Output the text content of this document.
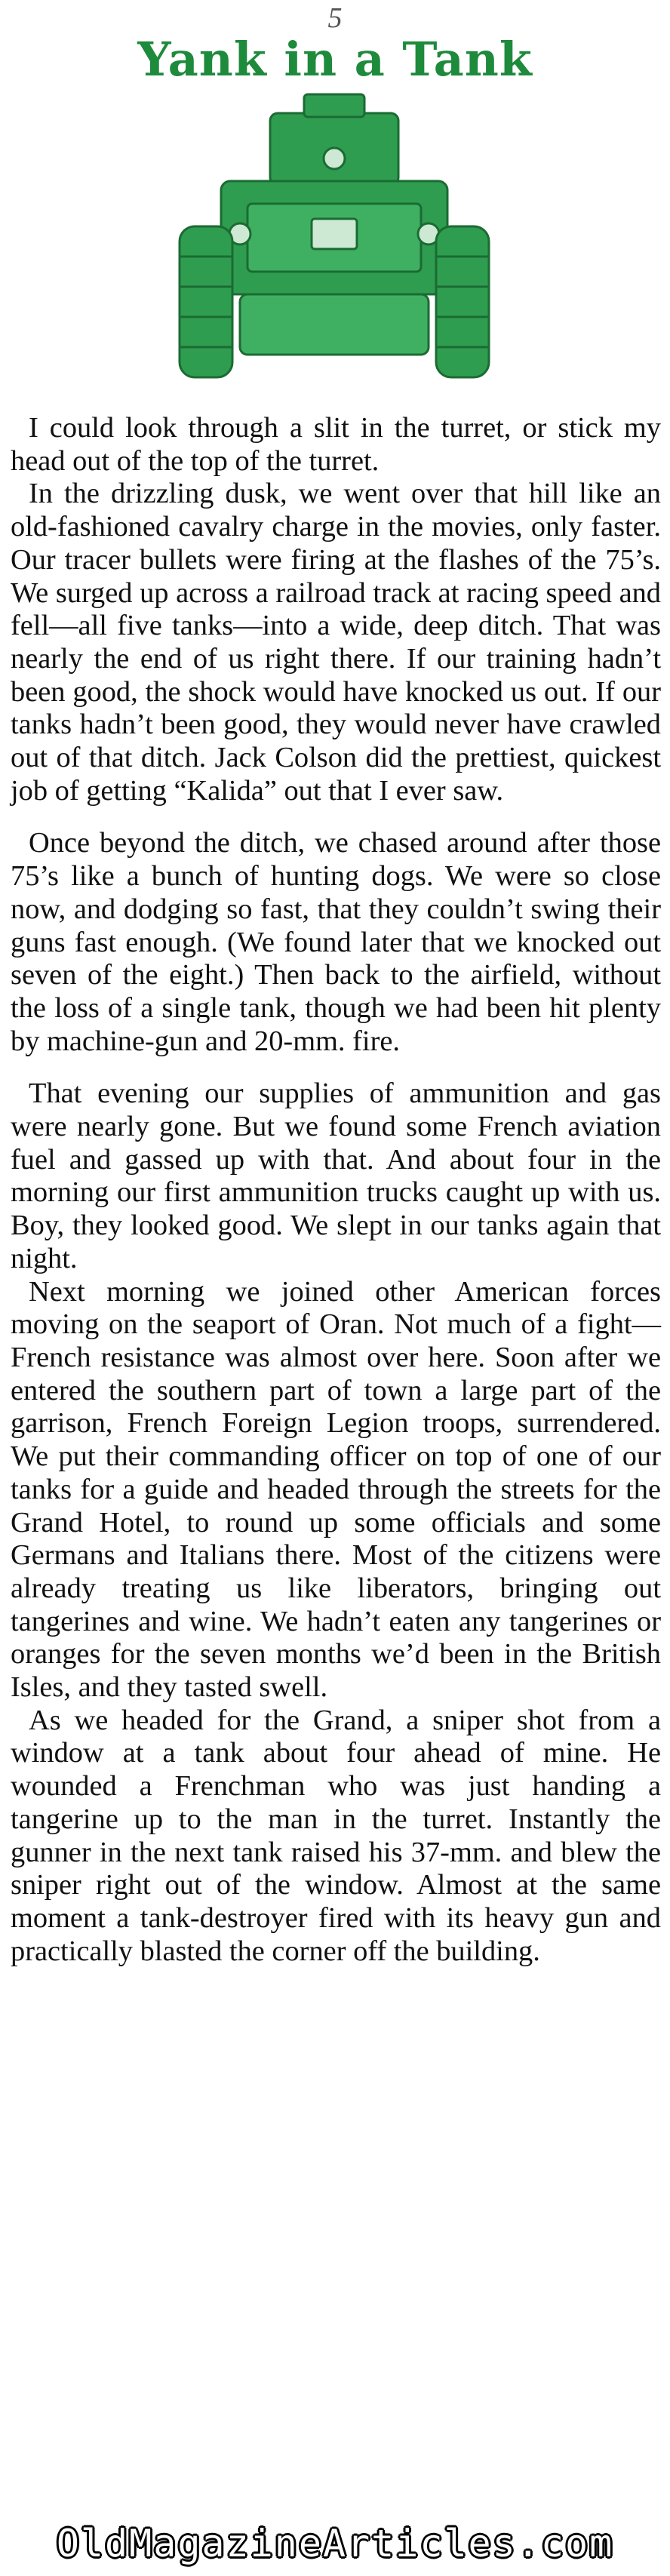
5
Yank in a Tank

I could look through a slit in the turret, or stick my head out of the top of the turret.

In the drizzling dusk, we went over that hill like an old-fashioned cavalry charge in the movies, only faster. Our tracer bullets were firing at the flashes of the 75’s. We surged up across a railroad track at racing speed and fell—all five tanks—into a wide, deep ditch. That was nearly the end of us right there. If our training hadn’t been good, the shock would have knocked us out. If our tanks hadn’t been good, they would never have crawled out of that ditch. Jack Colson did the prettiest, quickest job of getting “Kalida” out that I ever saw.

Once beyond the ditch, we chased around after those 75’s like a bunch of hunting dogs. We were so close now, and dodging so fast, that they couldn’t swing their guns fast enough. (We found later that we knocked out seven of the eight.) Then back to the airfield, without the loss of a single tank, though we had been hit plenty by machine-gun and 20-mm. fire.

That evening our supplies of ammunition and gas were nearly gone. But we found some French aviation fuel and gassed up with that. And about four in the morning our first ammunition trucks caught up with us. Boy, they looked good. We slept in our tanks again that night.

Next morning we joined other American forces moving on the seaport of Oran. Not much of a fight—French resistance was almost over here. Soon after we entered the southern part of town a large part of the garrison, French Foreign Legion troops, surrendered. We put their commanding officer on top of one of our tanks for a guide and headed through the streets for the Grand Hotel, to round up some officials and some Germans and Italians there. Most of the citizens were already treating us like liberators, bringing out tangerines and wine. We hadn’t eaten any tangerines or oranges for the seven months we’d been in the British Isles, and they tasted swell.

As we headed for the Grand, a sniper shot from a window at a tank about four ahead of mine. He wounded a Frenchman who was just handing a tangerine up to the man in the turret. Instantly the gunner in the next tank raised his 37-mm. and blew the sniper right out of the window. Almost at the same moment a tank-destroyer fired with its heavy gun and practically blasted the corner off the building.

OldMagazineArticles.com
